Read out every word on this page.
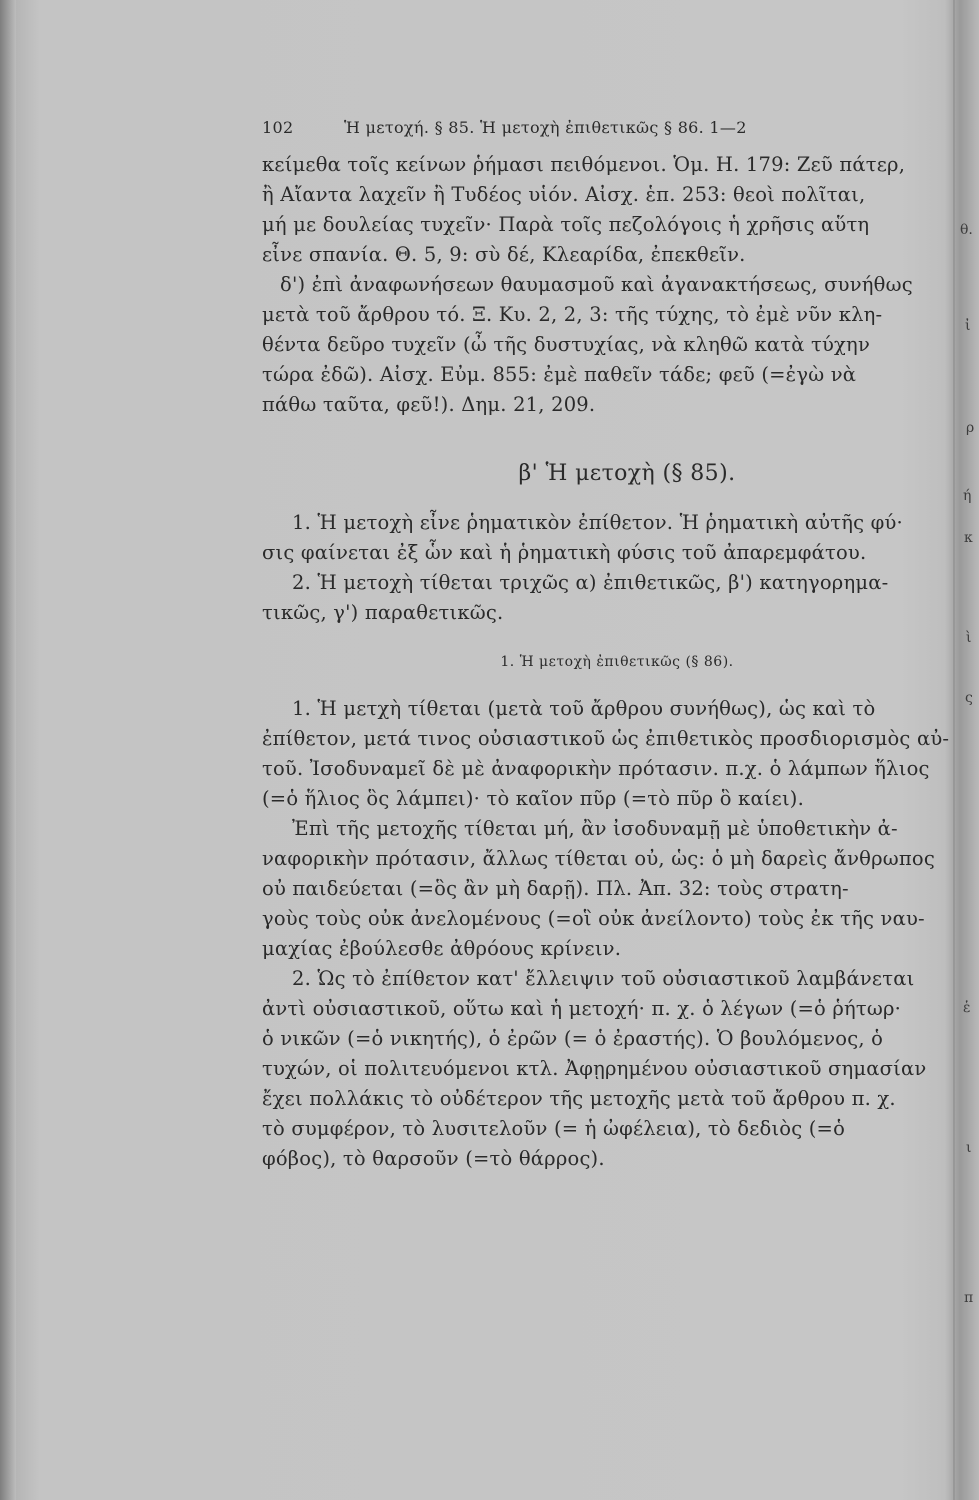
θ.
ἰ
ρ
ή
κ
ὶ
ς
ἑ
ι
π
102	Ἡ μετοχή. § 85. Ἡ μετοχὴ ἐπιθετικῶς § 86. 1—2
κείμεθα τοῖς κείνων ῥήμασι πειθόμενοι. Ὁμ. Η. 179: Ζεῦ πάτερ,
ἢ Αἴαντα λαχεῖν ἢ Τυδέος υἱόν. Αἰσχ. ἑπ. 253: θεοὶ πολῖται,
μή με δουλείας τυχεῖν· Παρὰ τοῖς πεζολόγοις ἡ χρῆσις αὕτη
εἶνε σπανία. Θ. 5, 9: σὺ δέ, Κλεαρίδα, ἐπεκθεῖν.
δ') ἐπὶ ἀναφωνήσεων θαυμασμοῦ καὶ ἀγανακτήσεως, συνήθως
μετὰ τοῦ ἄρθρου τό. Ξ. Κυ. 2, 2, 3: τῆς τύχης, τὸ ἐμὲ νῦν κλη-
θέντα δεῦρο τυχεῖν (ὦ τῆς δυστυχίας, νὰ κληθῶ κατὰ τύχην
τώρα ἐδῶ). Αἰσχ. Εὐμ. 855: ἐμὲ παθεῖν τάδε; φεῦ (=ἐγὼ νὰ
πάθω ταῦτα, φεῦ!). Δημ. 21, 209.
β' Ἡ μετοχὴ (§ 85).
1. Ἡ μετοχὴ εἶνε ῥηματικὸν ἐπίθετον. Ἡ ῥηματικὴ αὐτῆς φύ·
σις φαίνεται ἐξ ὧν καὶ ἡ ῥηματικὴ φύσις τοῦ ἀπαρεμφάτου.
2. Ἡ μετοχὴ τίθεται τριχῶς α) ἐπιθετικῶς, β') κατηγορημα-
τικῶς, γ') παραθετικῶς.
1. Ἡ μετοχὴ ἐπιθετικῶς (§ 86).
1. Ἡ μετχὴ τίθεται (μετὰ τοῦ ἄρθρου συνήθως), ὡς καὶ τὸ
ἐπίθετον, μετά τινος οὐσιαστικοῦ ὡς ἐπιθετικὸς προσδιορισμὸς αὐ-
τοῦ. Ἰσοδυναμεῖ δὲ μὲ ἀναφορικὴν πρότασιν. π.χ. ὁ λάμπων ἥλιος
(=ὁ ἥλιος ὃς λάμπει)· τὸ καῖον πῦρ (=τὸ πῦρ ὃ καίει).
Ἐπὶ τῆς μετοχῆς τίθεται μή, ἂν ἰσοδυναμῇ μὲ ὑποθετικὴν ἀ-
ναφορικὴν πρότασιν, ἄλλως τίθεται οὐ, ὡς: ὁ μὴ δαρεὶς ἄνθρωπος
οὐ παιδεύεται (=ὃς ἂν μὴ δαρῇ). Πλ. Ἀπ. 32: τοὺς στρατη-
γοὺς τοὺς οὐκ ἀνελομένους (=οἳ οὐκ ἀνείλοντο) τοὺς ἐκ τῆς ναυ-
μαχίας ἐβούλεσθε ἀθρόους κρίνειν.
2. Ὡς τὸ ἐπίθετον κατ' ἔλλειψιν τοῦ οὐσιαστικοῦ λαμβάνεται
ἀντὶ οὐσιαστικοῦ, οὕτω καὶ ἡ μετοχή· π. χ. ὁ λέγων (=ὁ ῥήτωρ·
ὁ νικῶν (=ὁ νικητής), ὁ ἐρῶν (= ὁ ἐραστής). Ὁ βουλόμενος, ὁ
τυχών, οἱ πολιτευόμενοι κτλ. Ἀφῃρημένου οὐσιαστικοῦ σημασίαν
ἔχει πολλάκις τὸ οὐδέτερον τῆς μετοχῆς μετὰ τοῦ ἄρθρου π. χ.
τὸ συμφέρον, τὸ λυσιτελοῦν (= ἡ ὠφέλεια), τὸ δεδιὸς (=ὁ
φόβος), τὸ θαρσοῦν (=τὸ θάρρος).
